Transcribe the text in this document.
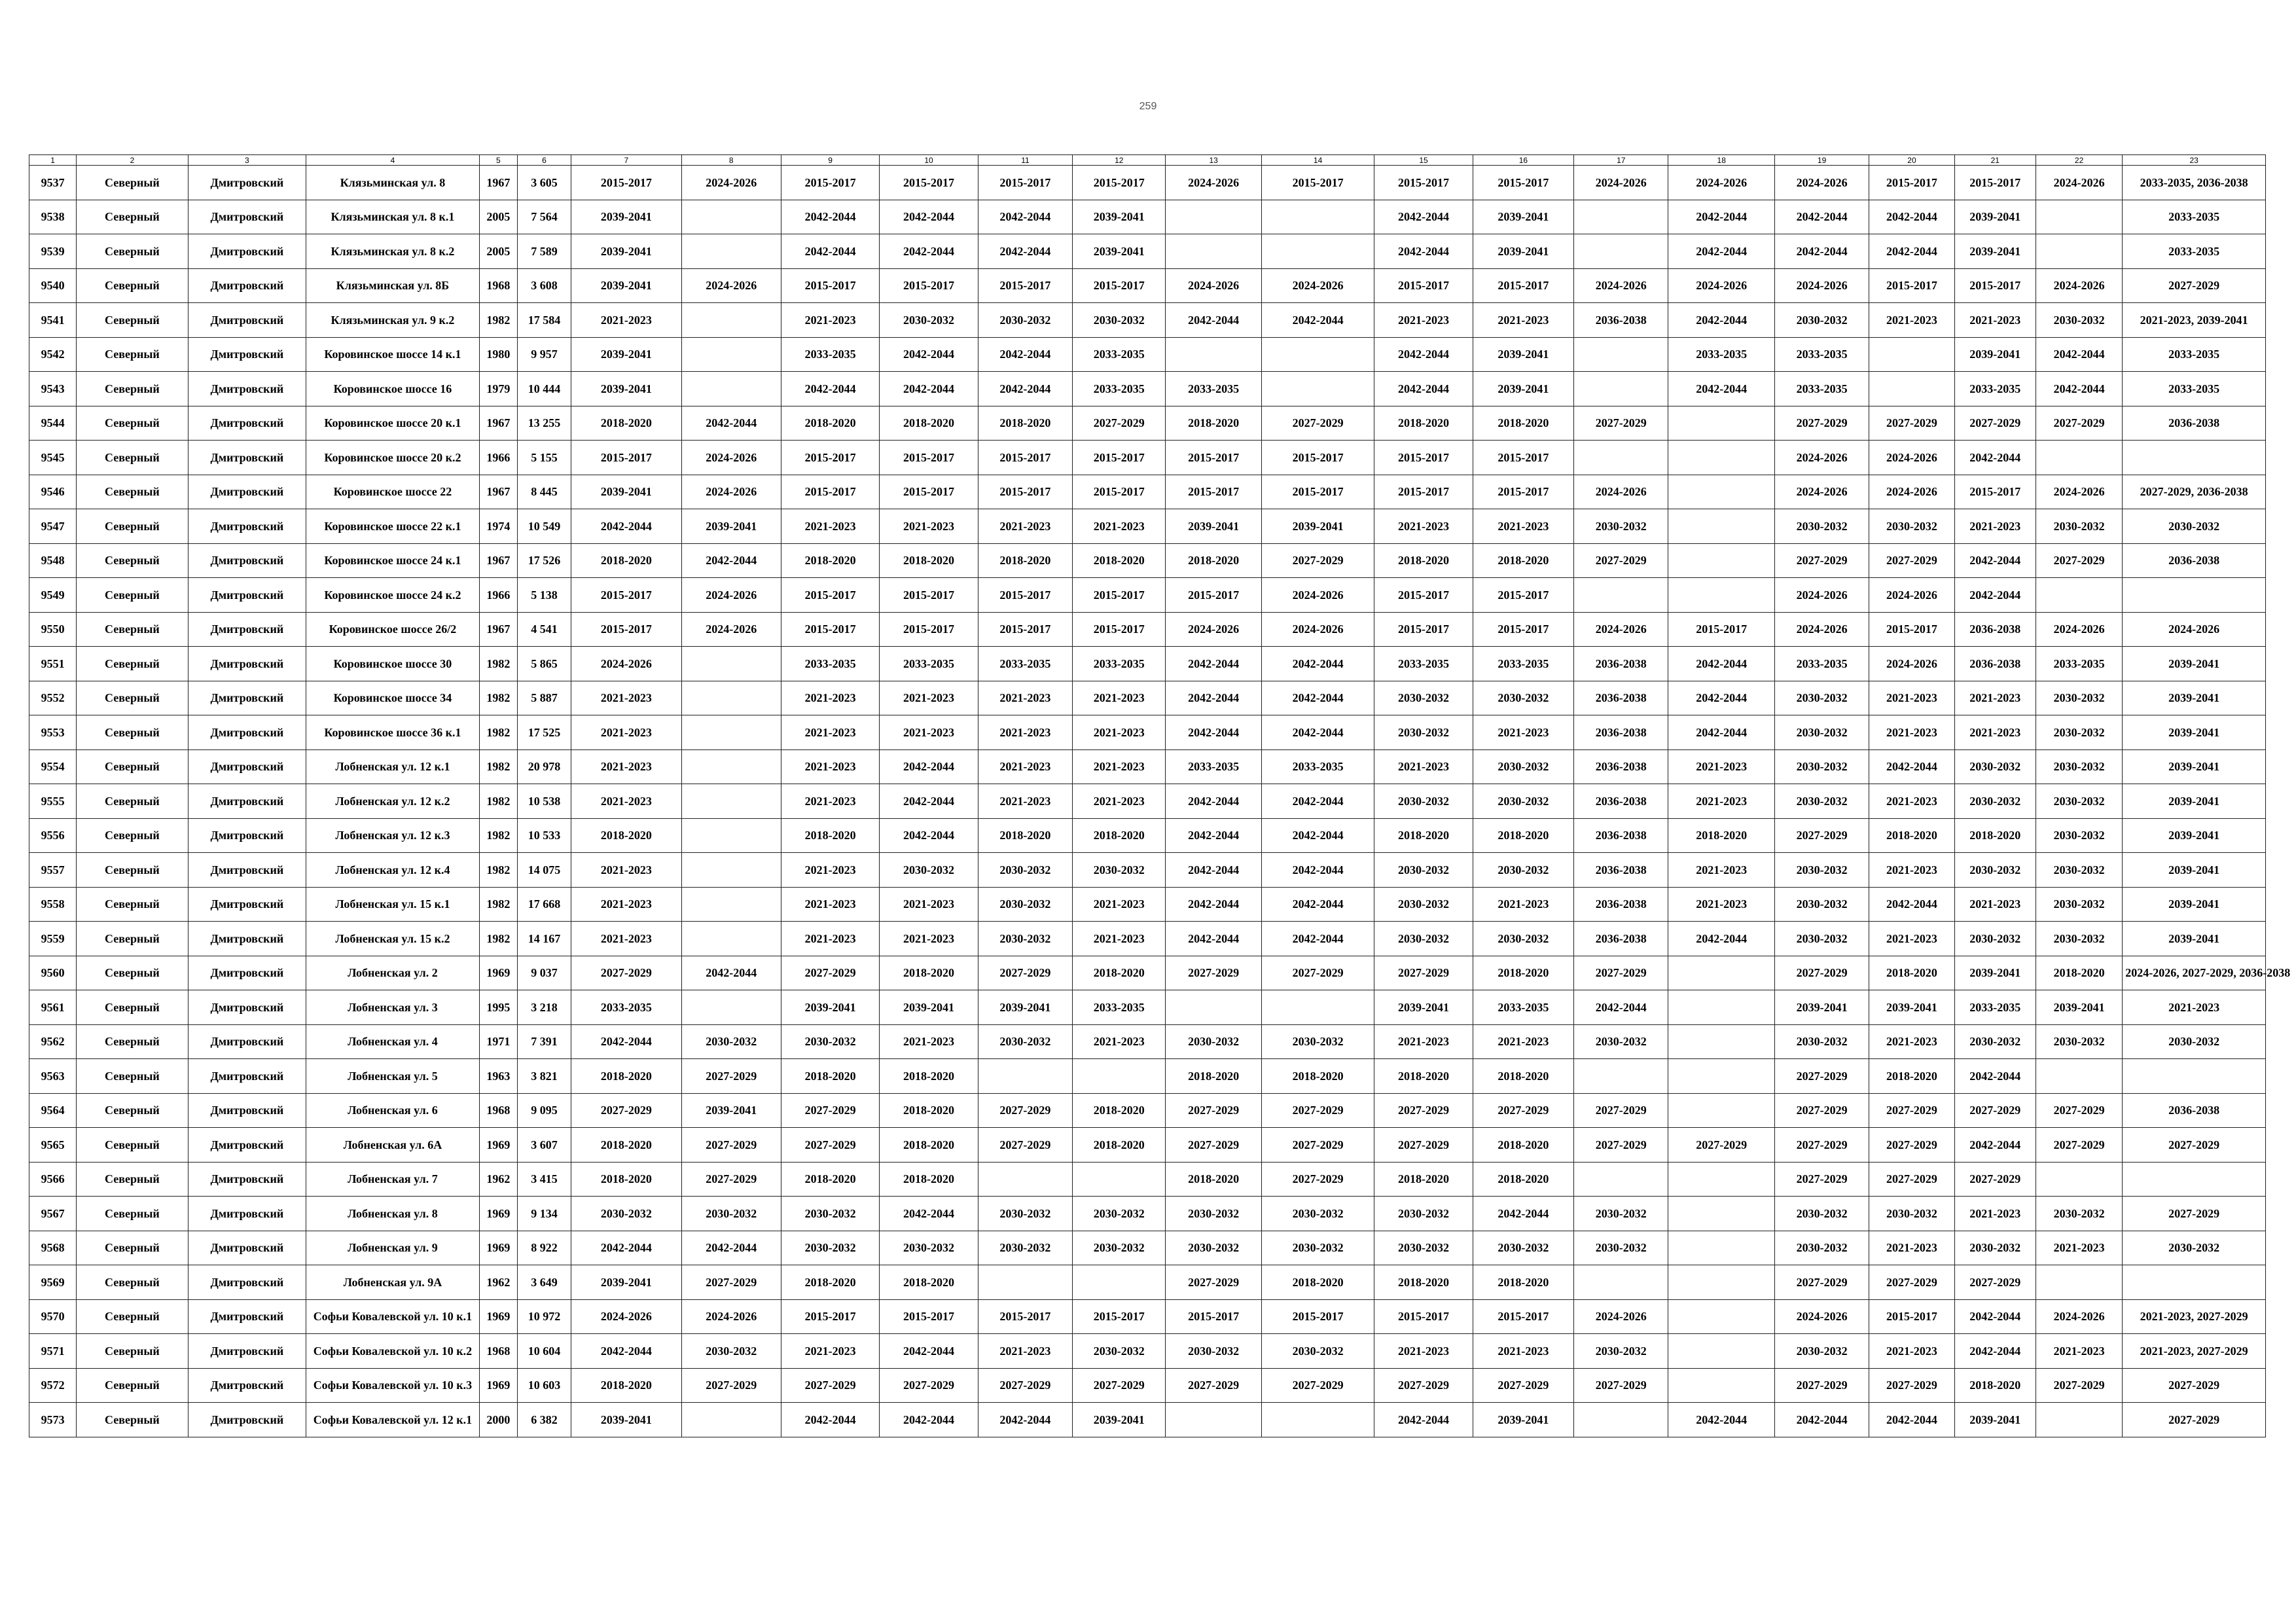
259
1	2	3	4	5	6	7	8	9	10	11	12	13	14	15	16	17	18	19	20	21	22	23
9537	Северный	Дмитровский	Клязьминская ул. 8	1967	3 605	2015-2017	2024-2026	2015-2017	2015-2017	2015-2017	2015-2017	2024-2026	2015-2017	2015-2017	2015-2017	2024-2026	2024-2026	2024-2026	2015-2017	2015-2017	2024-2026	2033-2035, 2036-2038
9538	Северный	Дмитровский	Клязьминская ул. 8 к.1	2005	7 564	2039-2041		2042-2044	2042-2044	2042-2044	2039-2041			2042-2044	2039-2041		2042-2044	2042-2044	2042-2044	2039-2041		2033-2035
9539	Северный	Дмитровский	Клязьминская ул. 8 к.2	2005	7 589	2039-2041		2042-2044	2042-2044	2042-2044	2039-2041			2042-2044	2039-2041		2042-2044	2042-2044	2042-2044	2039-2041		2033-2035
9540	Северный	Дмитровский	Клязьминская ул. 8Б	1968	3 608	2039-2041	2024-2026	2015-2017	2015-2017	2015-2017	2015-2017	2024-2026	2024-2026	2015-2017	2015-2017	2024-2026	2024-2026	2024-2026	2015-2017	2015-2017	2024-2026	2027-2029
9541	Северный	Дмитровский	Клязьминская ул. 9 к.2	1982	17 584	2021-2023		2021-2023	2030-2032	2030-2032	2030-2032	2042-2044	2042-2044	2021-2023	2021-2023	2036-2038	2042-2044	2030-2032	2021-2023	2021-2023	2030-2032	2021-2023, 2039-2041
9542	Северный	Дмитровский	Коровинское шоссе 14 к.1	1980	9 957	2039-2041		2033-2035	2042-2044	2042-2044	2033-2035			2042-2044	2039-2041		2033-2035	2033-2035		2039-2041	2042-2044	2033-2035
9543	Северный	Дмитровский	Коровинское шоссе 16	1979	10 444	2039-2041		2042-2044	2042-2044	2042-2044	2033-2035	2033-2035		2042-2044	2039-2041		2042-2044	2033-2035		2033-2035	2042-2044	2033-2035
9544	Северный	Дмитровский	Коровинское шоссе 20 к.1	1967	13 255	2018-2020	2042-2044	2018-2020	2018-2020	2018-2020	2027-2029	2018-2020	2027-2029	2018-2020	2018-2020	2027-2029		2027-2029	2027-2029	2027-2029	2027-2029	2036-2038
9545	Северный	Дмитровский	Коровинское шоссе 20 к.2	1966	5 155	2015-2017	2024-2026	2015-2017	2015-2017	2015-2017	2015-2017	2015-2017	2015-2017	2015-2017	2015-2017			2024-2026	2024-2026	2042-2044		
9546	Северный	Дмитровский	Коровинское шоссе 22	1967	8 445	2039-2041	2024-2026	2015-2017	2015-2017	2015-2017	2015-2017	2015-2017	2015-2017	2015-2017	2015-2017	2024-2026		2024-2026	2024-2026	2015-2017	2024-2026	2027-2029, 2036-2038
9547	Северный	Дмитровский	Коровинское шоссе 22 к.1	1974	10 549	2042-2044	2039-2041	2021-2023	2021-2023	2021-2023	2021-2023	2039-2041	2039-2041	2021-2023	2021-2023	2030-2032		2030-2032	2030-2032	2021-2023	2030-2032	2030-2032
9548	Северный	Дмитровский	Коровинское шоссе 24 к.1	1967	17 526	2018-2020	2042-2044	2018-2020	2018-2020	2018-2020	2018-2020	2018-2020	2027-2029	2018-2020	2018-2020	2027-2029		2027-2029	2027-2029	2042-2044	2027-2029	2036-2038
9549	Северный	Дмитровский	Коровинское шоссе 24 к.2	1966	5 138	2015-2017	2024-2026	2015-2017	2015-2017	2015-2017	2015-2017	2015-2017	2024-2026	2015-2017	2015-2017			2024-2026	2024-2026	2042-2044		
9550	Северный	Дмитровский	Коровинское шоссе 26/2	1967	4 541	2015-2017	2024-2026	2015-2017	2015-2017	2015-2017	2015-2017	2024-2026	2024-2026	2015-2017	2015-2017	2024-2026	2015-2017	2024-2026	2015-2017	2036-2038	2024-2026	2024-2026
9551	Северный	Дмитровский	Коровинское шоссе 30	1982	5 865	2024-2026		2033-2035	2033-2035	2033-2035	2033-2035	2042-2044	2042-2044	2033-2035	2033-2035	2036-2038	2042-2044	2033-2035	2024-2026	2036-2038	2033-2035	2039-2041
9552	Северный	Дмитровский	Коровинское шоссе 34	1982	5 887	2021-2023		2021-2023	2021-2023	2021-2023	2021-2023	2042-2044	2042-2044	2030-2032	2030-2032	2036-2038	2042-2044	2030-2032	2021-2023	2021-2023	2030-2032	2039-2041
9553	Северный	Дмитровский	Коровинское шоссе 36 к.1	1982	17 525	2021-2023		2021-2023	2021-2023	2021-2023	2021-2023	2042-2044	2042-2044	2030-2032	2021-2023	2036-2038	2042-2044	2030-2032	2021-2023	2021-2023	2030-2032	2039-2041
9554	Северный	Дмитровский	Лобненская ул. 12 к.1	1982	20 978	2021-2023		2021-2023	2042-2044	2021-2023	2021-2023	2033-2035	2033-2035	2021-2023	2030-2032	2036-2038	2021-2023	2030-2032	2042-2044	2030-2032	2030-2032	2039-2041
9555	Северный	Дмитровский	Лобненская ул. 12 к.2	1982	10 538	2021-2023		2021-2023	2042-2044	2021-2023	2021-2023	2042-2044	2042-2044	2030-2032	2030-2032	2036-2038	2021-2023	2030-2032	2021-2023	2030-2032	2030-2032	2039-2041
9556	Северный	Дмитровский	Лобненская ул. 12 к.3	1982	10 533	2018-2020		2018-2020	2042-2044	2018-2020	2018-2020	2042-2044	2042-2044	2018-2020	2018-2020	2036-2038	2018-2020	2027-2029	2018-2020	2018-2020	2030-2032	2039-2041
9557	Северный	Дмитровский	Лобненская ул. 12 к.4	1982	14 075	2021-2023		2021-2023	2030-2032	2030-2032	2030-2032	2042-2044	2042-2044	2030-2032	2030-2032	2036-2038	2021-2023	2030-2032	2021-2023	2030-2032	2030-2032	2039-2041
9558	Северный	Дмитровский	Лобненская ул. 15 к.1	1982	17 668	2021-2023		2021-2023	2021-2023	2030-2032	2021-2023	2042-2044	2042-2044	2030-2032	2021-2023	2036-2038	2021-2023	2030-2032	2042-2044	2021-2023	2030-2032	2039-2041
9559	Северный	Дмитровский	Лобненская ул. 15 к.2	1982	14 167	2021-2023		2021-2023	2021-2023	2030-2032	2021-2023	2042-2044	2042-2044	2030-2032	2030-2032	2036-2038	2042-2044	2030-2032	2021-2023	2030-2032	2030-2032	2039-2041
9560	Северный	Дмитровский	Лобненская ул. 2	1969	9 037	2027-2029	2042-2044	2027-2029	2018-2020	2027-2029	2018-2020	2027-2029	2027-2029	2027-2029	2018-2020	2027-2029		2027-2029	2018-2020	2039-2041	2018-2020	2024-2026, 2027-2029, 2036-2038
9561	Северный	Дмитровский	Лобненская ул. 3	1995	3 218	2033-2035		2039-2041	2039-2041	2039-2041	2033-2035			2039-2041	2033-2035	2042-2044		2039-2041	2039-2041	2033-2035	2039-2041	2021-2023
9562	Северный	Дмитровский	Лобненская ул. 4	1971	7 391	2042-2044	2030-2032	2030-2032	2021-2023	2030-2032	2021-2023	2030-2032	2030-2032	2021-2023	2021-2023	2030-2032		2030-2032	2021-2023	2030-2032	2030-2032	2030-2032
9563	Северный	Дмитровский	Лобненская ул. 5	1963	3 821	2018-2020	2027-2029	2018-2020	2018-2020			2018-2020	2018-2020	2018-2020	2018-2020			2027-2029	2018-2020	2042-2044		
9564	Северный	Дмитровский	Лобненская ул. 6	1968	9 095	2027-2029	2039-2041	2027-2029	2018-2020	2027-2029	2018-2020	2027-2029	2027-2029	2027-2029	2027-2029	2027-2029		2027-2029	2027-2029	2027-2029	2027-2029	2036-2038
9565	Северный	Дмитровский	Лобненская ул. 6А	1969	3 607	2018-2020	2027-2029	2027-2029	2018-2020	2027-2029	2018-2020	2027-2029	2027-2029	2027-2029	2018-2020	2027-2029	2027-2029	2027-2029	2027-2029	2042-2044	2027-2029	2027-2029
9566	Северный	Дмитровский	Лобненская ул. 7	1962	3 415	2018-2020	2027-2029	2018-2020	2018-2020			2018-2020	2027-2029	2018-2020	2018-2020			2027-2029	2027-2029	2027-2029		
9567	Северный	Дмитровский	Лобненская ул. 8	1969	9 134	2030-2032	2030-2032	2030-2032	2042-2044	2030-2032	2030-2032	2030-2032	2030-2032	2030-2032	2042-2044	2030-2032		2030-2032	2030-2032	2021-2023	2030-2032	2027-2029
9568	Северный	Дмитровский	Лобненская ул. 9	1969	8 922	2042-2044	2042-2044	2030-2032	2030-2032	2030-2032	2030-2032	2030-2032	2030-2032	2030-2032	2030-2032	2030-2032		2030-2032	2021-2023	2030-2032	2021-2023	2030-2032
9569	Северный	Дмитровский	Лобненская ул. 9А	1962	3 649	2039-2041	2027-2029	2018-2020	2018-2020			2027-2029	2018-2020	2018-2020	2018-2020			2027-2029	2027-2029	2027-2029		
9570	Северный	Дмитровский	Софьи Ковалевской ул. 10 к.1	1969	10 972	2024-2026	2024-2026	2015-2017	2015-2017	2015-2017	2015-2017	2015-2017	2015-2017	2015-2017	2015-2017	2024-2026		2024-2026	2015-2017	2042-2044	2024-2026	2021-2023, 2027-2029
9571	Северный	Дмитровский	Софьи Ковалевской ул. 10 к.2	1968	10 604	2042-2044	2030-2032	2021-2023	2042-2044	2021-2023	2030-2032	2030-2032	2030-2032	2021-2023	2021-2023	2030-2032		2030-2032	2021-2023	2042-2044	2021-2023	2021-2023, 2027-2029
9572	Северный	Дмитровский	Софьи Ковалевской ул. 10 к.3	1969	10 603	2018-2020	2027-2029	2027-2029	2027-2029	2027-2029	2027-2029	2027-2029	2027-2029	2027-2029	2027-2029	2027-2029		2027-2029	2027-2029	2018-2020	2027-2029	2027-2029
9573	Северный	Дмитровский	Софьи Ковалевской ул. 12 к.1	2000	6 382	2039-2041		2042-2044	2042-2044	2042-2044	2039-2041			2042-2044	2039-2041		2042-2044	2042-2044	2042-2044	2039-2041		2027-2029
